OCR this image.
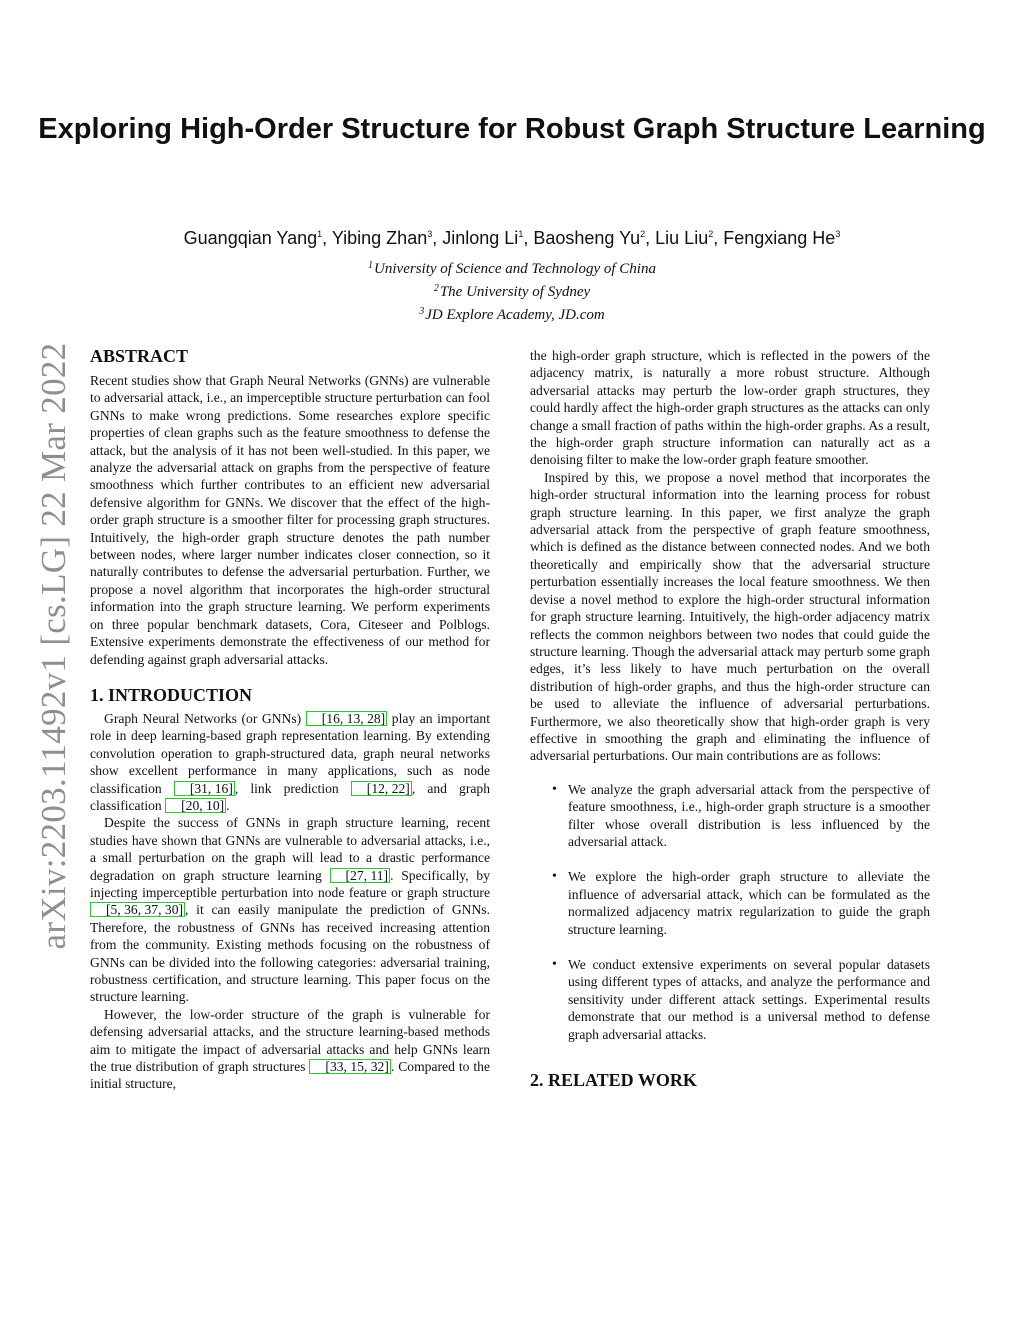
arXiv:2203.11492v1 [cs.LG] 22 Mar 2022
Exploring High-Order Structure for Robust Graph Structure Learning
Guangqian Yang$^1$, Yibing Zhan$^3$, Jinlong Li$^1$, Baosheng Yu$^2$, Liu Liu$^2$, Fengxiang He$^3$
$^1$University of Science and Technology of China
$^2$The University of Sydney
$^3$JD Explore Academy, JD.com
ABSTRACT

Recent studies show that Graph Neural Networks (GNNs) are vulnerable to adversarial attack, i.e., an imperceptible structure perturbation can fool GNNs to make wrong predictions. Some researches explore specific properties of clean graphs such as the feature smoothness to defense the attack, but the analysis of it has not been well-studied. In this paper, we analyze the adversarial attack on graphs from the perspective of feature smoothness which further contributes to an efficient new adversarial defensive algorithm for GNNs. We discover that the effect of the high-order graph structure is a smoother filter for processing graph structures. Intuitively, the high-order graph structure denotes the path number between nodes, where larger number indicates closer connection, so it naturally contributes to defense the adversarial perturbation. Further, we propose a novel algorithm that incorporates the high-order structural information into the graph structure learning. We perform experiments on three popular benchmark datasets, Cora, Citeseer and Polblogs. Extensive experiments demonstrate the effectiveness of our method for defending against graph adversarial attacks.

1. INTRODUCTION

Graph Neural Networks (or GNNs) [16, 13, 28] play an important role in deep learning-based graph representation learning. By extending convolution operation to graph-structured data, graph neural networks show excellent performance in many applications, such as node classification [31, 16] , link prediction [12, 22] , and graph classification [20, 10] .

Despite the success of GNNs in graph structure learning, recent studies have shown that GNNs are vulnerable to adversarial attacks, i.e., a small perturbation on the graph will lead to a drastic performance degradation on graph structure learning [27, 11] . Specifically, by injecting imperceptible perturbation into node feature or graph structure [5, 36, 37, 30] , it can easily manipulate the prediction of GNNs. Therefore, the robustness of GNNs has received increasing attention from the community. Existing methods focusing on the robustness of GNNs can be divided into the following categories: adversarial training, robustness certification, and structure learning. This paper focus on the structure learning.

However, the low-order structure of the graph is vulnerable for defensing adversarial attacks, and the structure learning-based methods aim to mitigate the impact of adversarial attacks and help GNNs learn the true distribution of graph structures [33, 15, 32] . Compared to the initial structure,

the high-order graph structure, which is reflected in the powers of the adjacency matrix, is naturally a more robust structure. Although adversarial attacks may perturb the low-order graph structures, they could hardly affect the high-order graph structures as the attacks can only change a small fraction of paths within the high-order graphs. As a result, the high-order graph structure information can naturally act as a denoising filter to make the low-order graph feature smoother.

Inspired by this, we propose a novel method that incorporates the high-order structural information into the learning process for robust graph structure learning. In this paper, we first analyze the graph adversarial attack from the perspective of graph feature smoothness, which is defined as the distance between connected nodes. And we both theoretically and empirically show that the adversarial structure perturbation essentially increases the local feature smoothness. We then devise a novel method to explore the high-order structural information for graph structure learning. Intuitively, the high-order adjacency matrix reflects the common neighbors between two nodes that could guide the structure learning. Though the adversarial attack may perturb some graph edges, it’s less likely to have much perturbation on the overall distribution of high-order graphs, and thus the high-order structure can be used to alleviate the influence of adversarial perturbations. Furthermore, we also theoretically show that high-order graph is very effective in smoothing the graph and eliminating the influence of adversarial perturbations. Our main contributions are as follows:

• We analyze the graph adversarial attack from the perspective of feature smoothness, i.e., high-order graph structure is a smoother filter whose overall distribution is less influenced by the adversarial attack.
• We explore the high-order graph structure to alleviate the influence of adversarial attack, which can be formulated as the normalized adjacency matrix regularization to guide the graph structure learning.
• We conduct extensive experiments on several popular datasets using different types of attacks, and analyze the performance and sensitivity under different attack settings. Experimental results demonstrate that our method is a universal method to defense graph adversarial attacks.
2. RELATED WORK
